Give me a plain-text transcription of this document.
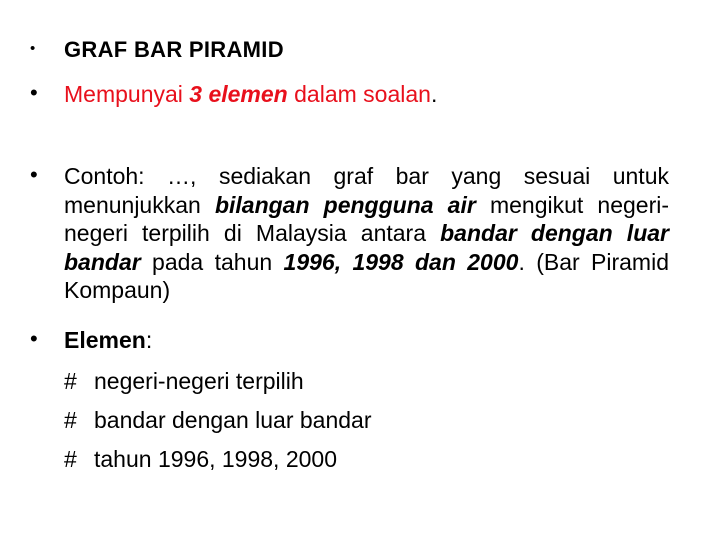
•	GRAF BAR PIRAMID
•	Mempunyai 3 elemen dalam soalan.
•	Contoh: …, sediakan graf bar yang sesuai untuk menunjukkan bilangan pengguna air mengikut negeri-negeri terpilih di Malaysia antara bandar dengan luar bandar pada tahun 1996, 1998 dan 2000. (Bar Piramid Kompaun)
•	Elemen:
# negeri-negeri terpilih
# bandar dengan luar bandar
# tahun 1996, 1998, 2000
